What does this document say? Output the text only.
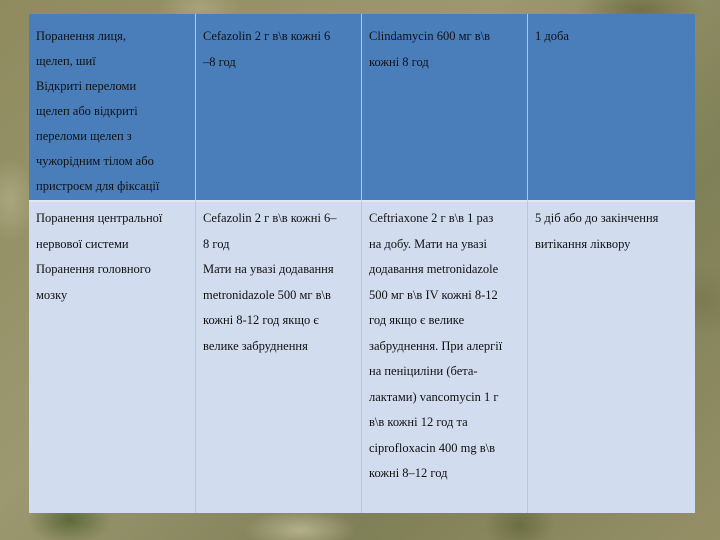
Поранення лиця,
щелеп, шиї
Відкриті переломи
щелеп або відкриті
переломи щелеп з
чужорідним тілом або
пристроєм для фіксації
Cefazolin 2 г в\в кожні 6
–8 год
Clindamycin 600 мг в\в
кожні 8 год
1 доба
Поранення центральної
нервової системи
Поранення головного
мозку
Cefazolin 2 г в\в кожні 6–
8 год
Мати на увазі додавання
metronidazole 500 мг в\в
кожні 8-12 год якщо є
велике забруднення
Ceftriaxone 2 г в\в 1 раз
на добу. Мати на увазі
додавання metronidazole
500 мг в\в IV кожні 8-12
год якщо є велике
забруднення. При алергії
на пеніциліни (бета-
лактами) vancomycin 1 г
в\в кожні 12 год та
ciprofloxacin 400 mg в\в
кожні 8–12 год
5 діб або до закінчення
витікання ліквору
